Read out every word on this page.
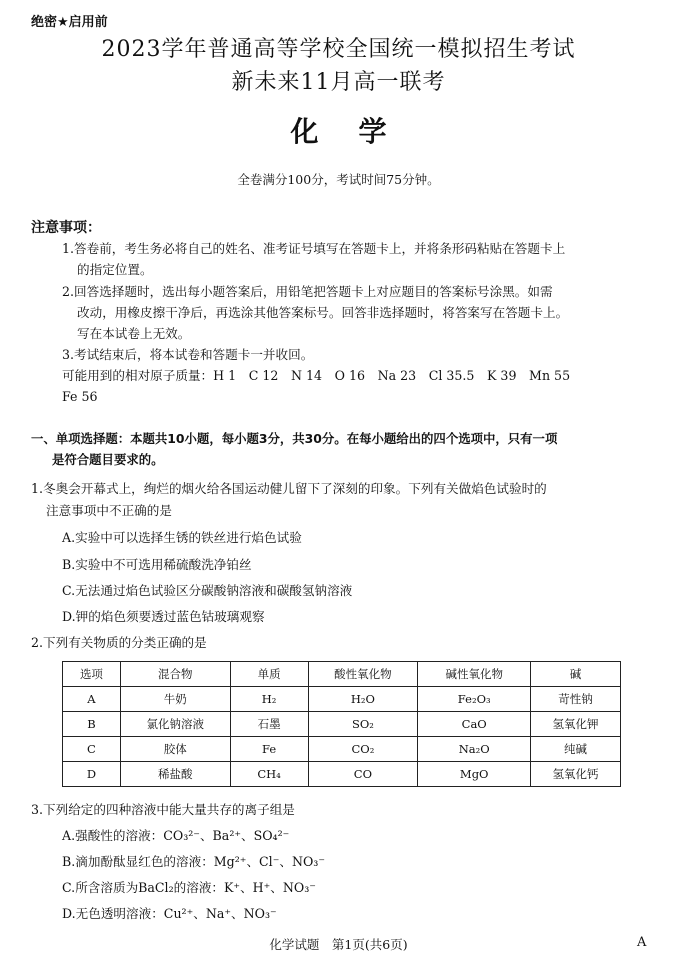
绝密★启用前
2023学年普通高等学校全国统一模拟招生考试
新未来11月高一联考
化学
全卷满分100分，考试时间75分钟。
注意事项：
1.答卷前，考生务必将自己的姓名、准考证号填写在答题卡上，并将条形码粘贴在答题卡上
的指定位置。
2.回答选择题时，选出每小题答案后，用铅笔把答题卡上对应题目的答案标号涂黑。如需
改动，用橡皮擦干净后，再选涂其他答案标号。回答非选择题时，将答案写在答题卡上。
写在本试卷上无效。
3.考试结束后，将本试卷和答题卡一并收回。
可能用到的相对原子质量：H 1　C 12　N 14　O 16　Na 23　Cl 35.5　K 39　Mn 55
Fe 56
一、单项选择题：本题共10小题，每小题3分，共30分。在每小题给出的四个选项中，只有一项
是符合题目要求的。
1.冬奥会开幕式上，绚烂的烟火给各国运动健儿留下了深刻的印象。下列有关做焰色试验时的
注意事项中不正确的是
A.实验中可以选择生锈的铁丝进行焰色试验
B.实验中不可选用稀硫酸洗净铂丝
C.无法通过焰色试验区分碳酸钠溶液和碳酸氢钠溶液
D.钾的焰色须要透过蓝色钴玻璃观察
2.下列有关物质的分类正确的是
选项	混合物	单质	酸性氧化物	碱性氧化物	碱
A	牛奶	H₂	H₂O	Fe₂O₃	苛性钠
B	氯化钠溶液	石墨	SO₂	CaO	氢氧化钾
C	胶体	Fe	CO₂	Na₂O	纯碱
D	稀盐酸	CH₄	CO	MgO	氢氧化钙
3.下列给定的四种溶液中能大量共存的离子组是
A.强酸性的溶液：CO₃²⁻、Ba²⁺、SO₄²⁻
B.滴加酚酞显红色的溶液：Mg²⁺、Cl⁻、NO₃⁻
C.所含溶质为BaCl₂的溶液：K⁺、H⁺、NO₃⁻
D.无色透明溶液：Cu²⁺、Na⁺、NO₃⁻
化学试题　第1页(共6页)	A
